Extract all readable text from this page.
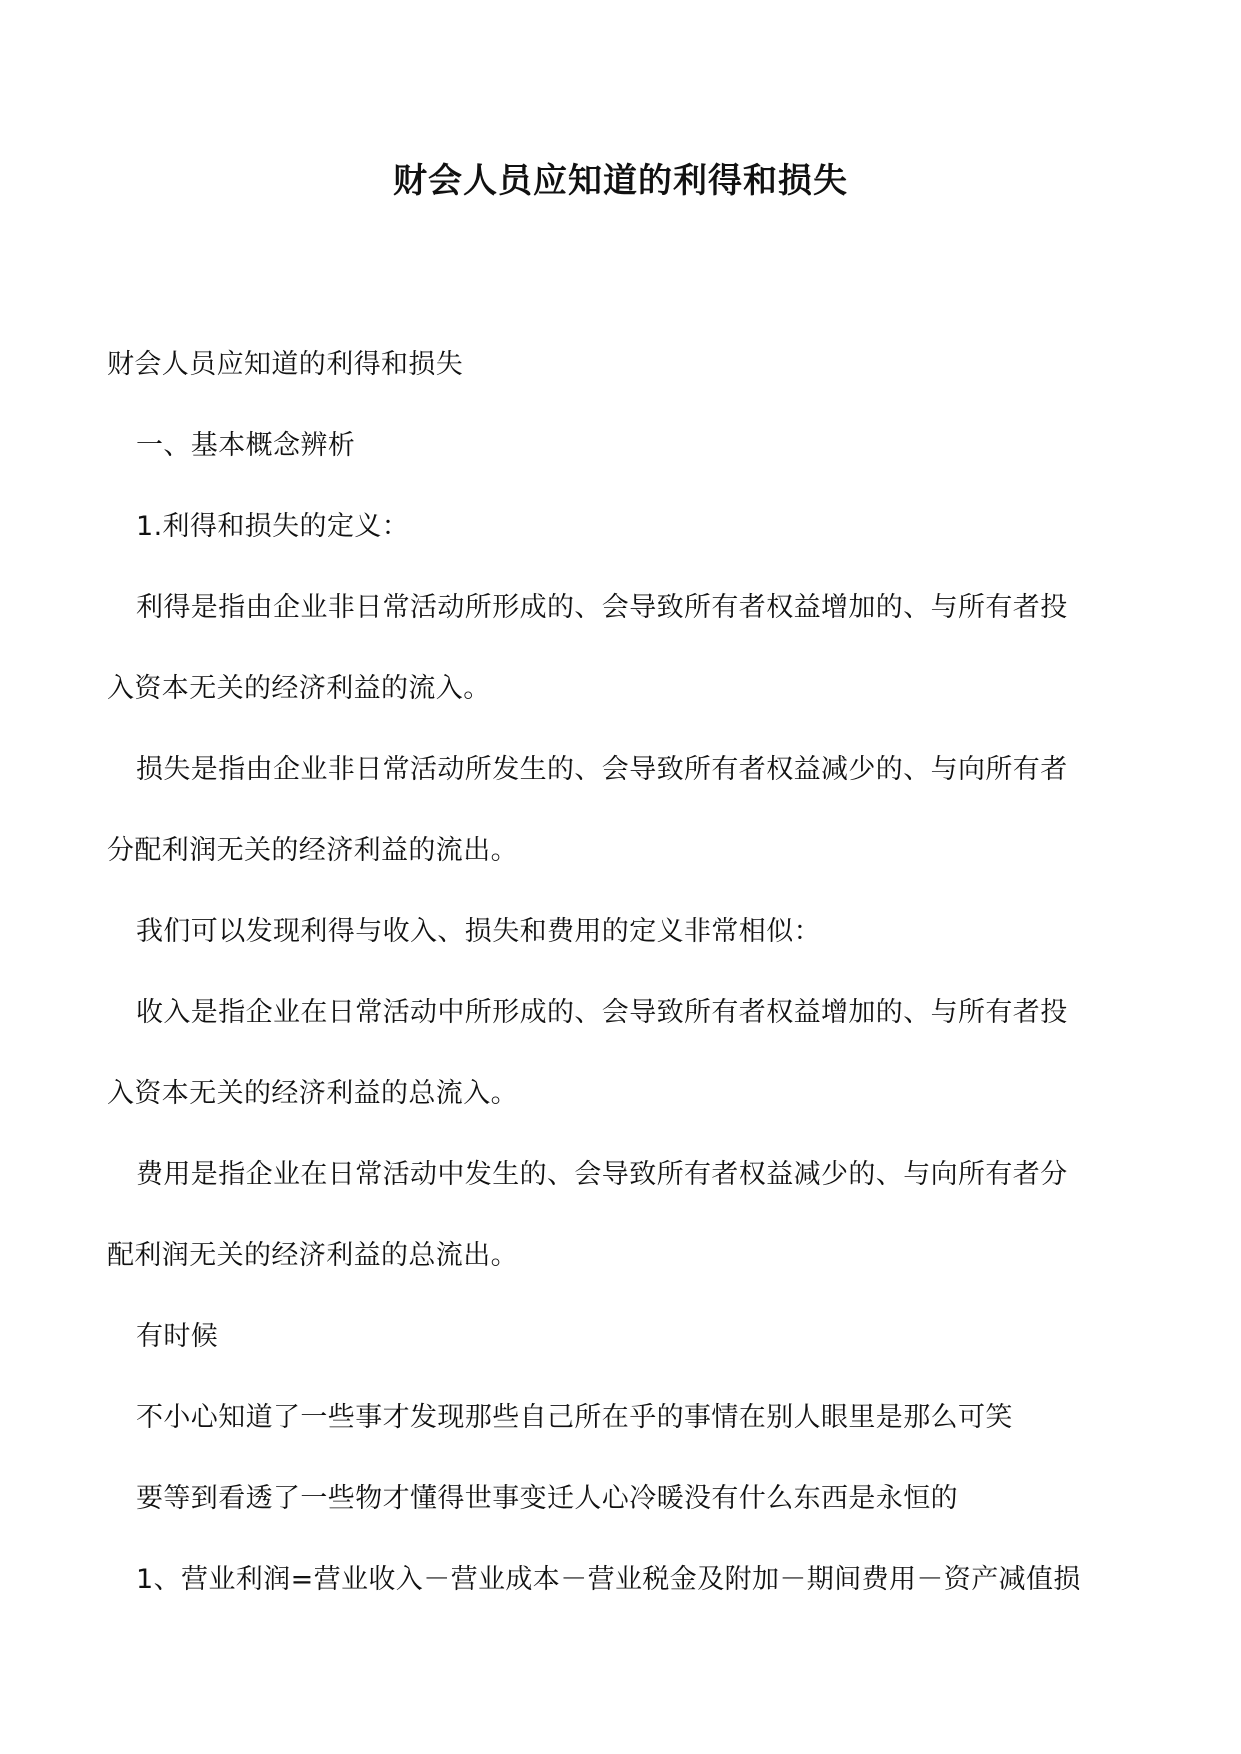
财会人员应知道的利得和损失
财会人员应知道的利得和损失
一、基本概念辨析
1.利得和损失的定义：
利得是指由企业非日常活动所形成的、会导致所有者权益增加的、与所有者投
入资本无关的经济利益的流入。
损失是指由企业非日常活动所发生的、会导致所有者权益减少的、与向所有者
分配利润无关的经济利益的流出。
我们可以发现利得与收入、损失和费用的定义非常相似：
收入是指企业在日常活动中所形成的、会导致所有者权益增加的、与所有者投
入资本无关的经济利益的总流入。
费用是指企业在日常活动中发生的、会导致所有者权益减少的、与向所有者分
配利润无关的经济利益的总流出。
有时候
不小心知道了一些事才发现那些自己所在乎的事情在别人眼里是那么可笑
要等到看透了一些物才懂得世事变迁人心冷暖没有什么东西是永恒的
1、营业利润=营业收入－营业成本－营业税金及附加－期间费用－资产减值损
